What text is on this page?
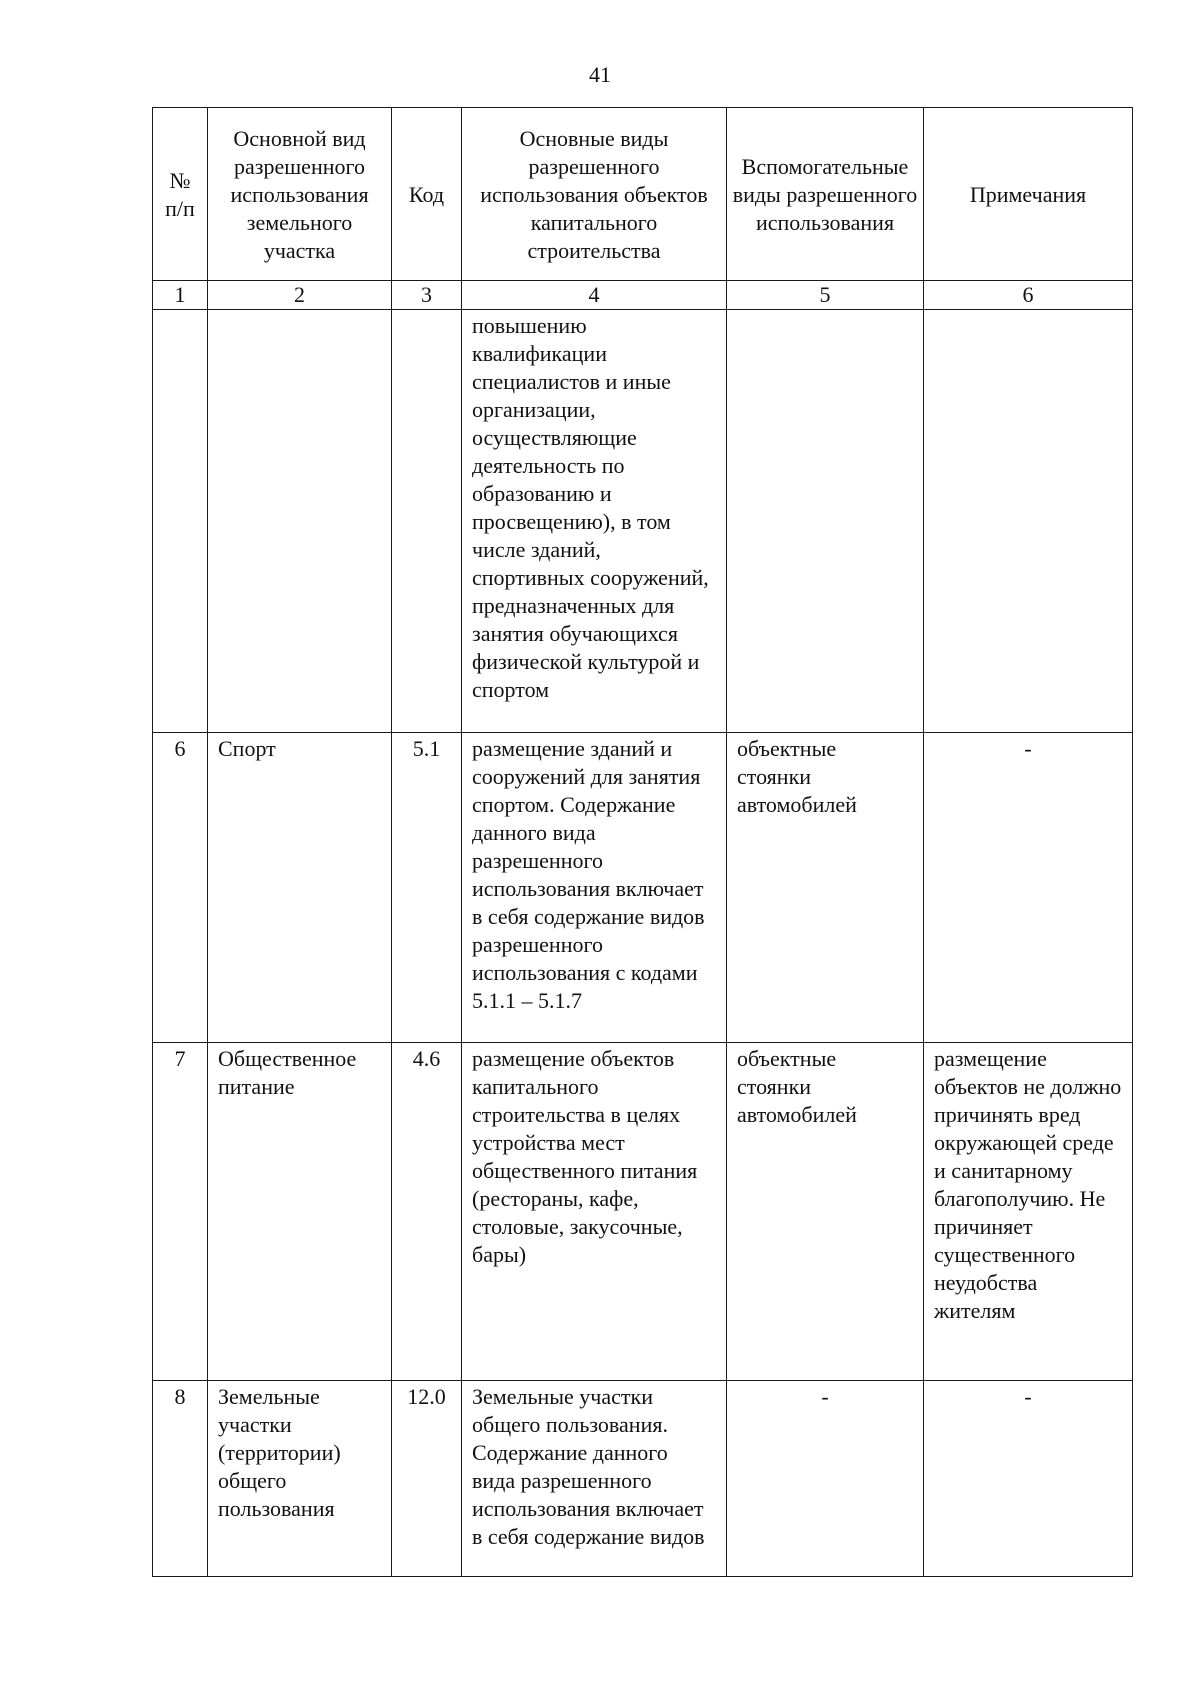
41
№
п/п	Основной вид разрешенного использования земельного участка	Код	Основные виды разрешенного использования объектов капитального строительства	Вспомогательные виды разрешенного использования	Примечания
1	2	3	4	5	6
			повышению квалификации специалистов и иные организации, осуществляющие деятельность по образованию и просвещению), в том числе зданий, спортивных сооружений, предназначенных для занятия обучающихся физической культурой и спортом		
6	Спорт	5.1	размещение зданий и сооружений для занятия спортом. Содержание данного вида разрешенного использования включает в себя содержание видов разрешенного использования с кодами 5.1.1 – 5.1.7	объектные стоянки автомобилей	-
7	Общественное питание	4.6	размещение объектов капитального строительства в целях устройства мест общественного питания (рестораны, кафе, столовые, закусочные, бары)	объектные стоянки автомобилей	размещение объектов не должно причинять вред окружающей среде и санитарному благополучию. Не причиняет существенного неудобства жителям
8	Земельные участки (территории) общего пользования	12.0	Земельные участки общего пользования. Содержание данного вида разрешенного использования включает в себя содержание видов	-	-
